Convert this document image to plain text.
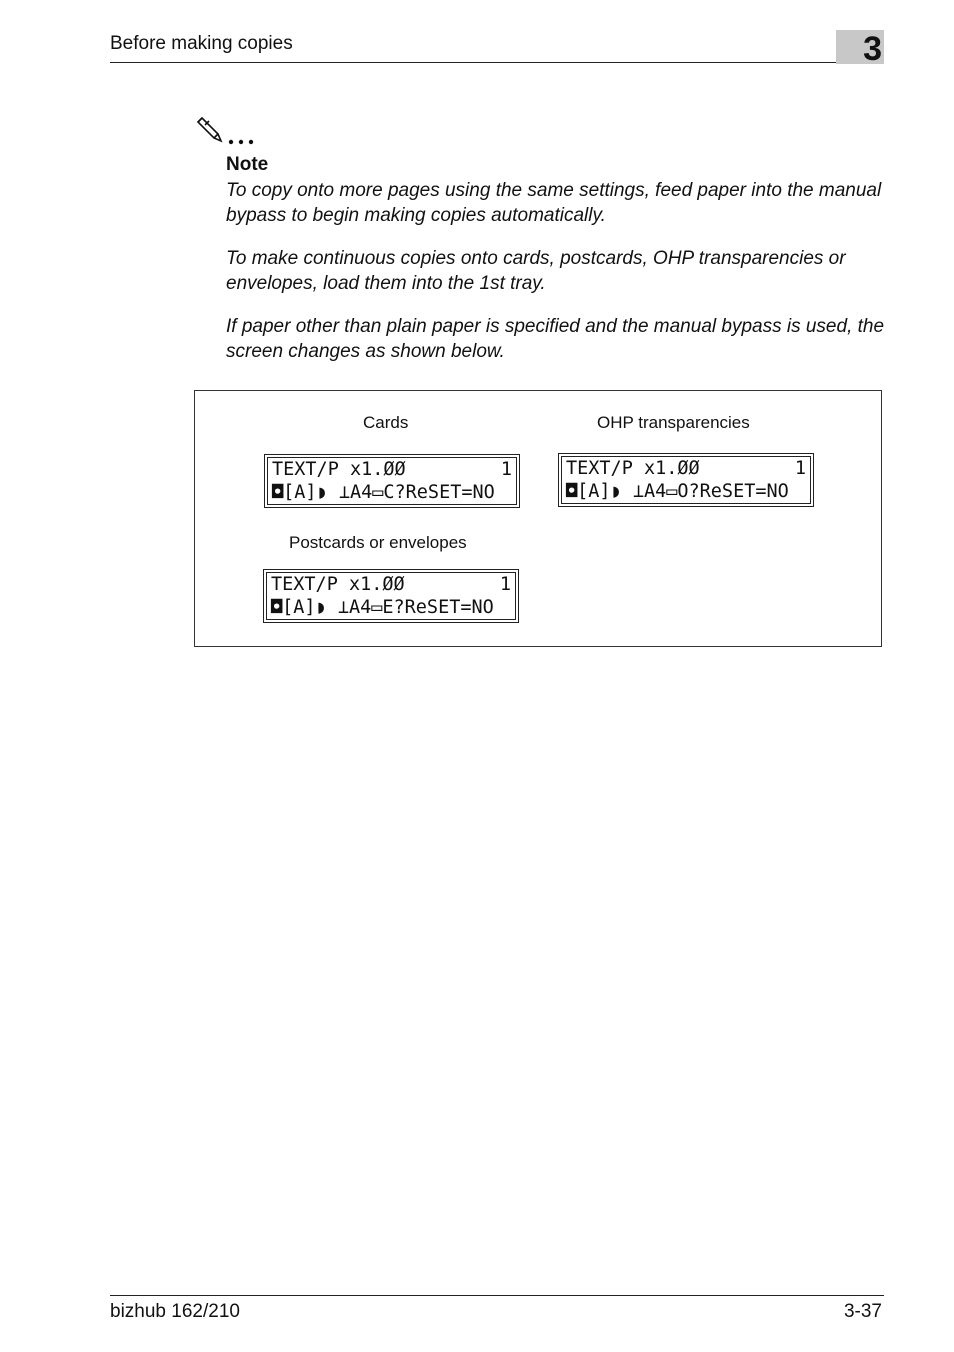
Before making copies	3
Note

To copy onto more pages using the same settings, feed paper into the manual bypass to begin making copies automatically.

To make continuous copies onto cards, postcards, OHP transparencies or envelopes, load them into the 1st tray.

If paper other than plain paper is specified and the manual bypass is used, the screen changes as shown below.

Cards
TEXT/P x1.ØØ	1
◘[A]◗ ⊥A4▭C?ReSET=NO
OHP transparencies
TEXT/P x1.ØØ	1
◘[A]◗ ⊥A4▭O?ReSET=NO
Postcards or envelopes
TEXT/P x1.ØØ	1
◘[A]◗ ⊥A4▭E?ReSET=NO
bizhub 162/210	3-37
